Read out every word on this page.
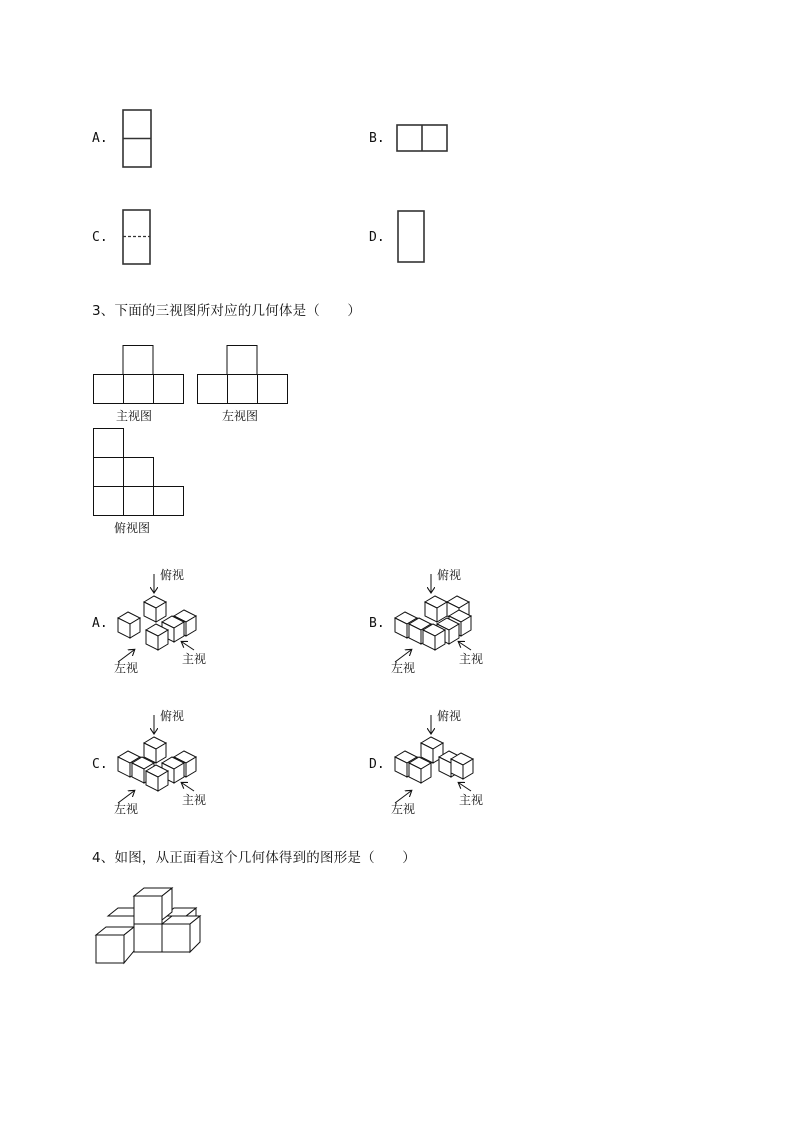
A.	B.
C.	D.
3、下面的三视图所对应的几何体是（　　）
主视图	左视图
俯视图
A.
俯视
左视
主视
B.
俯视
左视
主视
C.
俯视
左视
主视
D.
俯视
左视
主视
4、如图，从正面看这个几何体得到的图形是（　　）
